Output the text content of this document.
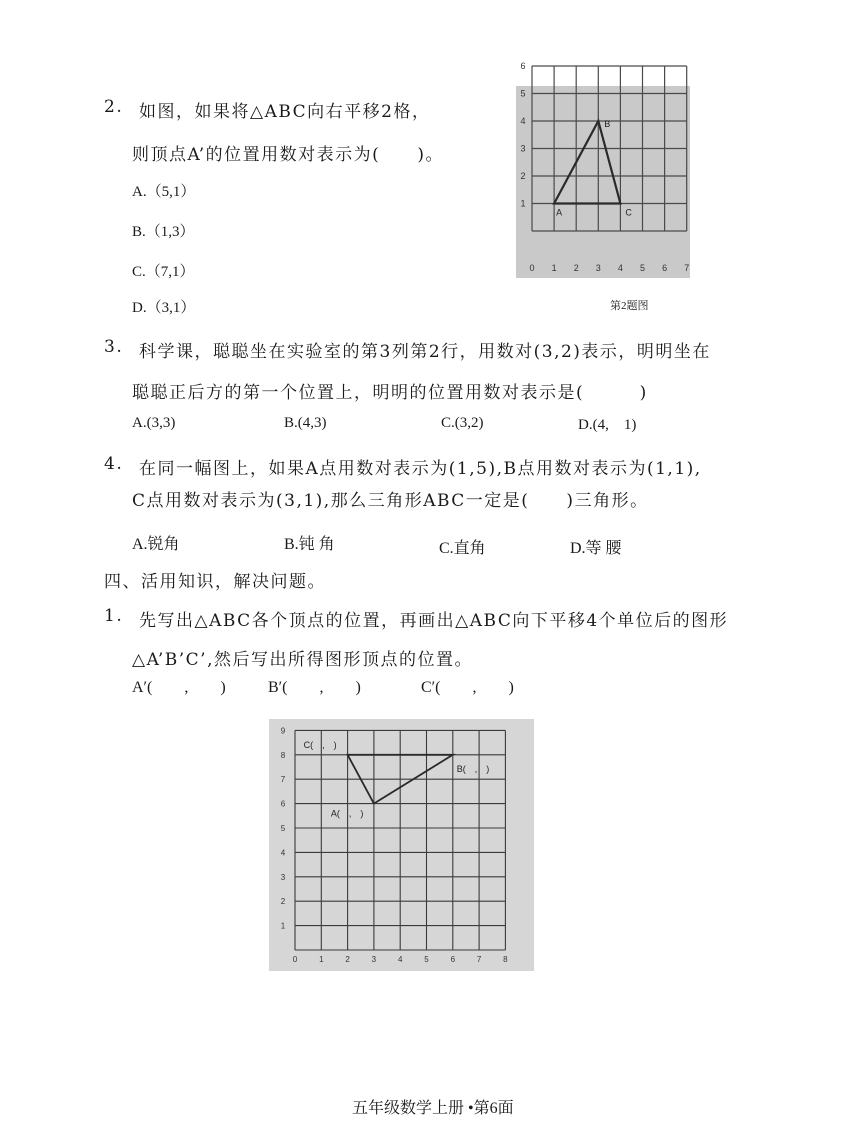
2. 如图，如果将△ABC向右平移2格，
则顶点A’的位置用数对表示为(　　)。
A.（5,1）
B.（1,3）
C.（7,1）
D.（3,1）
0 1 2 3 4 5 6 7
1
2
3
4
5
6
A
B
C
第2题图
3. 科学课，聪聪坐在实验室的第3列第2行，用数对(3,2)表示，明明坐在
聪聪正后方的第一个位置上，明明的位置用数对表示是(　　　)
A.(3,3)	B.(4,3)	C.(3,2)	D.(4,　1)
4. 在同一幅图上，如果A点用数对表示为(1,5),B点用数对表示为(1,1),
C点用数对表示为(3,1),那么三角形ABC一定是(　　)三角形。
A.锐角	B.钝 角	C.直角	D.等 腰
四、活用知识，解决问题。
1. 先写出△ABC各个顶点的位置，再画出△ABC向下平移4个单位后的图形
△A’B’C’,然后写出所得图形顶点的位置。
A′(　　,　　)	B′(　　,　　)	C′(　　,　　)
0	1	2	3	4	5	6	7	8
1
2
3
4
5
6
7
8
9
A(　,　)
B(　,　)
C(　,　)
五年级数学上册 •第6面
